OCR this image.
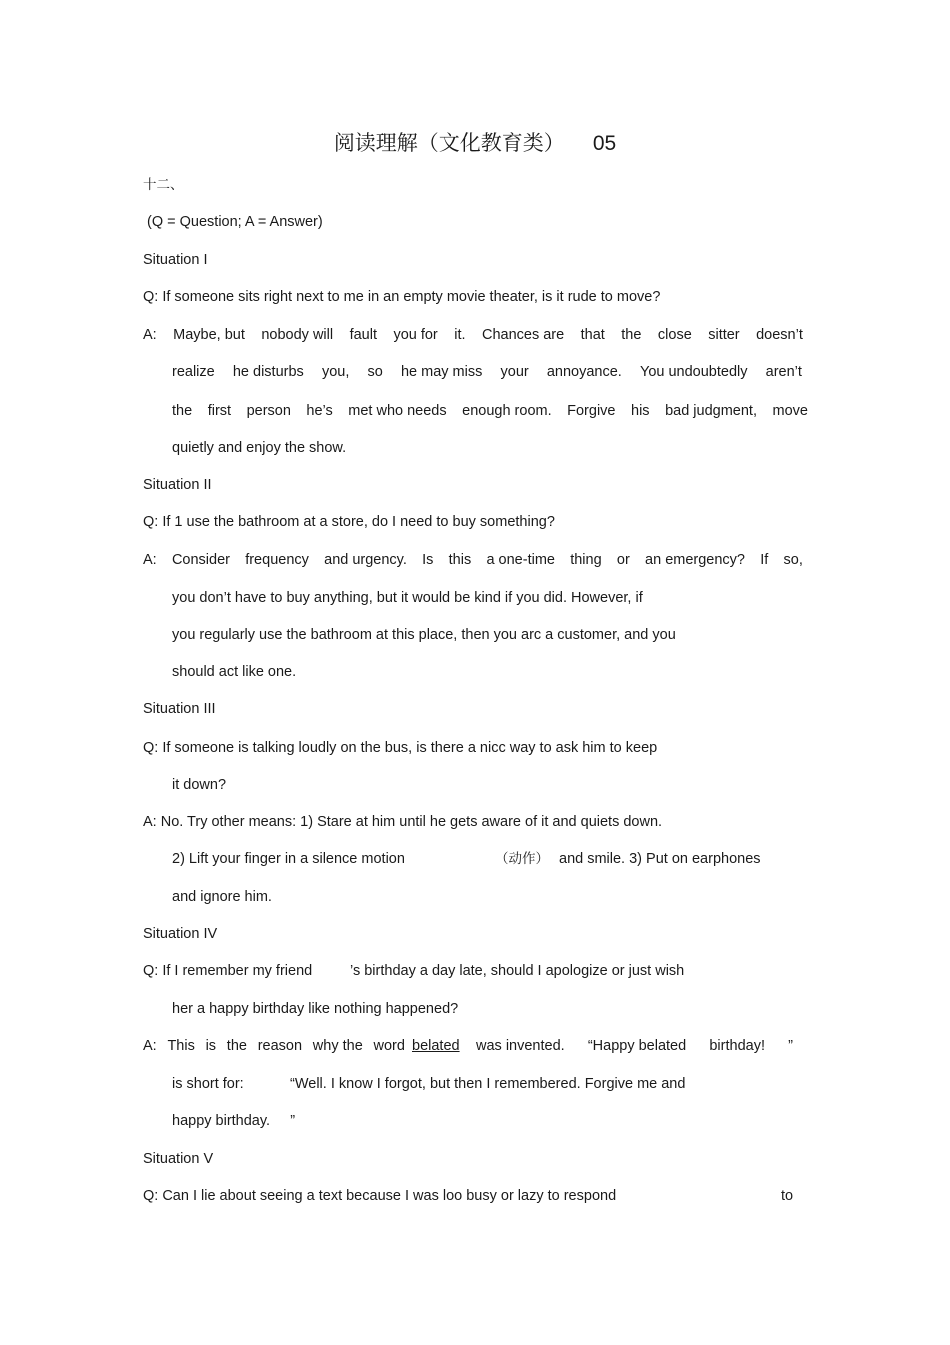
阅读理解（文化教育类） 05
十二、
(Q = Question; A = Answer)
Situation I
Q: If someone sits right next to me in an empty movie theater, is it rude to move?
A: Maybe, but nobody will fault you for it. Chances are that the close sitter doesn’t
realize he disturbs you, so he may miss your annoyance. You undoubtedly aren’t
the first person he’s met who needs enough room. Forgive his bad judgment, move
quietly and enjoy the show.
Situation II
Q: If 1 use the bathroom at a store, do I need to buy something?
A: Consider frequency and urgency. Is this a one-time thing or an emergency? If so,
you don’t have to buy anything, but it would be kind if you did. However, if
you regularly use the bathroom at this place, then you arc a customer, and you
should act like one.
Situation III
Q: If someone is talking loudly on the bus, is there a nicc way to ask him to keep
it down?
A: No. Try other means: 1) Stare at him until he gets aware of it and quiets down.
2) Lift your finger in a silence motion	（动作） and smile. 3) Put on earphones
and ignore him.
Situation IV
Q: If I remember my friend	’s birthday a day late, should I apologize or just wish
her a happy birthday like nothing happened?
A: This is the reason why the word belated	was invented. “Happy belated birthday! ”
is short for:	“Well. I know I forgot, but then I remembered. Forgive me and
happy birthday.     ”
Situation V
Q: Can I lie about seeing a text because I was loo busy or lazy to respond	to
